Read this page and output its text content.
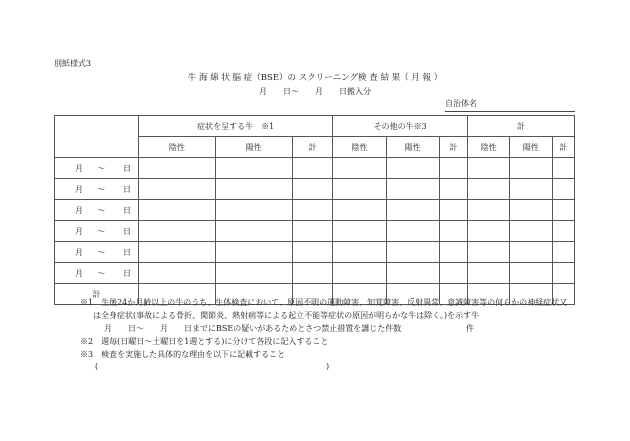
別紙様式3
牛 海 綿 状 脳 症（BSE）の スクリーニング検 査 結 果（ 月 報 ）
月　　日～　　月　　日搬入分
自治体名
	症状を呈する牛　※1			その他の牛※3			計		
	陰性	陽性	計	陰性	陽性	計	陰性	陽性	計
月 ～ 日									
月 ～ 日									
月 ～ 日									
月 ～ 日									
月 ～ 日									
月 ～ 日									
計									
※1　生後24か月齢以上の牛のうち、生体検査において、原因不明の運動障害、知覚障害、反射異常、意識障害等の何らかの神経症状又
は全身症状(事故による骨折、関節炎、熱射病等による起立不能等症状の原因が明らかな牛は除く。)を示す牛
月　　日～　　月　　日までにBSEの疑いがあるためとさつ禁止措置を講じた件数	件
※2　週毎(日曜日～土曜日を1週とする)に分けて各段に記入すること
※3　検査を実施した具体的な理由を以下に記載すること
(	)
